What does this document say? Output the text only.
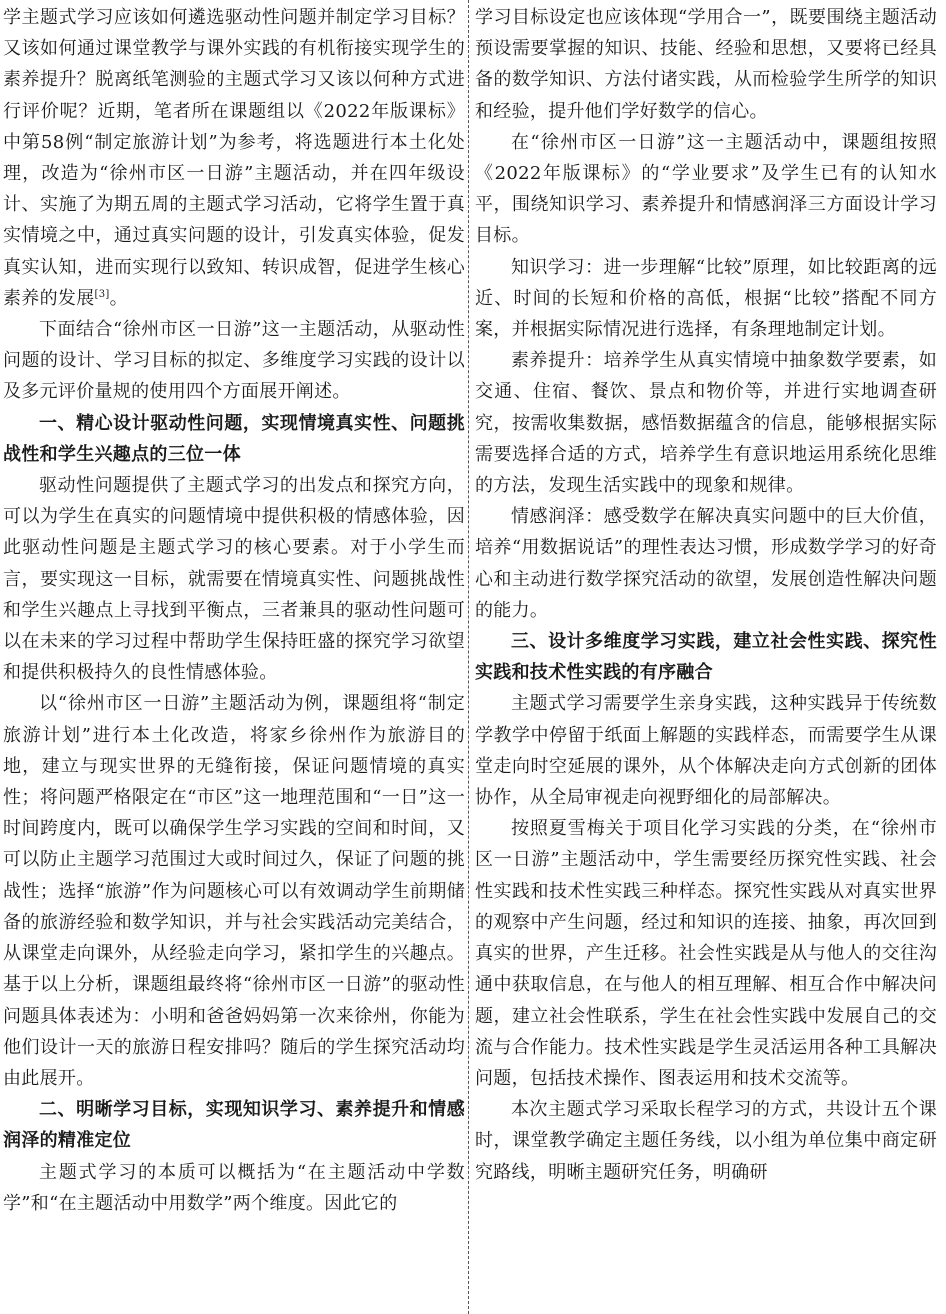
学主题式学习应该如何遴选驱动性问题并制定学习目标？又该如何通过课堂教学与课外实践的有机衔接实现学生的素养提升？脱离纸笔测验的主题式学习又该以何种方式进行评价呢？近期，笔者所在课题组以《2022年版课标》中第58例“制定旅游计划”为参考，将选题进行本土化处理，改造为“徐州市区一日游”主题活动，并在四年级设计、实施了为期五周的主题式学习活动，它将学生置于真实情境之中，通过真实问题的设计，引发真实体验，促发真实认知，进而实现行以致知、转识成智，促进学生核心素养的发展[3]。

下面结合“徐州市区一日游”这一主题活动，从驱动性问题的设计、学习目标的拟定、多维度学习实践的设计以及多元评价量规的使用四个方面展开阐述。

一、精心设计驱动性问题，实现情境真实性、问题挑战性和学生兴趣点的三位一体

驱动性问题提供了主题式学习的出发点和探究方向，可以为学生在真实的问题情境中提供积极的情感体验，因此驱动性问题是主题式学习的核心要素。对于小学生而言，要实现这一目标，就需要在情境真实性、问题挑战性和学生兴趣点上寻找到平衡点，三者兼具的驱动性问题可以在未来的学习过程中帮助学生保持旺盛的探究学习欲望和提供积极持久的良性情感体验。

以“徐州市区一日游”主题活动为例，课题组将“制定旅游计划”进行本土化改造，将家乡徐州作为旅游目的地，建立与现实世界的无缝衔接，保证问题情境的真实性；将问题严格限定在“市区”这一地理范围和“一日”这一时间跨度内，既可以确保学生学习实践的空间和时间，又可以防止主题学习范围过大或时间过久，保证了问题的挑战性；选择“旅游”作为问题核心可以有效调动学生前期储备的旅游经验和数学知识，并与社会实践活动完美结合，从课堂走向课外，从经验走向学习，紧扣学生的兴趣点。基于以上分析，课题组最终将“徐州市区一日游”的驱动性问题具体表述为：小明和爸爸妈妈第一次来徐州，你能为他们设计一天的旅游日程安排吗？随后的学生探究活动均由此展开。

二、明晰学习目标，实现知识学习、素养提升和情感润泽的精准定位

主题式学习的本质可以概括为“在主题活动中学数学”和“在主题活动中用数学”两个维度。因此它的

学习目标设定也应该体现“学用合一”，既要围绕主题活动预设需要掌握的知识、技能、经验和思想，又要将已经具备的数学知识、方法付诸实践，从而检验学生所学的知识和经验，提升他们学好数学的信心。

在“徐州市区一日游”这一主题活动中，课题组按照《2022年版课标》的“学业要求”及学生已有的认知水平，围绕知识学习、素养提升和情感润泽三方面设计学习目标。

知识学习：进一步理解“比较”原理，如比较距离的远近、时间的长短和价格的高低，根据“比较”搭配不同方案，并根据实际情况进行选择，有条理地制定计划。

素养提升：培养学生从真实情境中抽象数学要素，如交通、住宿、餐饮、景点和物价等，并进行实地调查研究，按需收集数据，感悟数据蕴含的信息，能够根据实际需要选择合适的方式，培养学生有意识地运用系统化思维的方法，发现生活实践中的现象和规律。

情感润泽：感受数学在解决真实问题中的巨大价值，培养“用数据说话”的理性表达习惯，形成数学学习的好奇心和主动进行数学探究活动的欲望，发展创造性解决问题的能力。

三、设计多维度学习实践，建立社会性实践、探究性实践和技术性实践的有序融合

主题式学习需要学生亲身实践，这种实践异于传统数学教学中停留于纸面上解题的实践样态，而需要学生从课堂走向时空延展的课外，从个体解决走向方式创新的团体协作，从全局审视走向视野细化的局部解决。

按照夏雪梅关于项目化学习实践的分类，在“徐州市区一日游”主题活动中，学生需要经历探究性实践、社会性实践和技术性实践三种样态。探究性实践从对真实世界的观察中产生问题，经过和知识的连接、抽象，再次回到真实的世界，产生迁移。社会性实践是从与他人的交往沟通中获取信息，在与他人的相互理解、相互合作中解决问题，建立社会性联系，学生在社会性实践中发展自己的交流与合作能力。技术性实践是学生灵活运用各种工具解决问题，包括技术操作、图表运用和技术交流等。

本次主题式学习采取长程学习的方式，共设计五个课时，课堂教学确定主题任务线，以小组为单位集中商定研究路线，明晰主题研究任务，明确研
